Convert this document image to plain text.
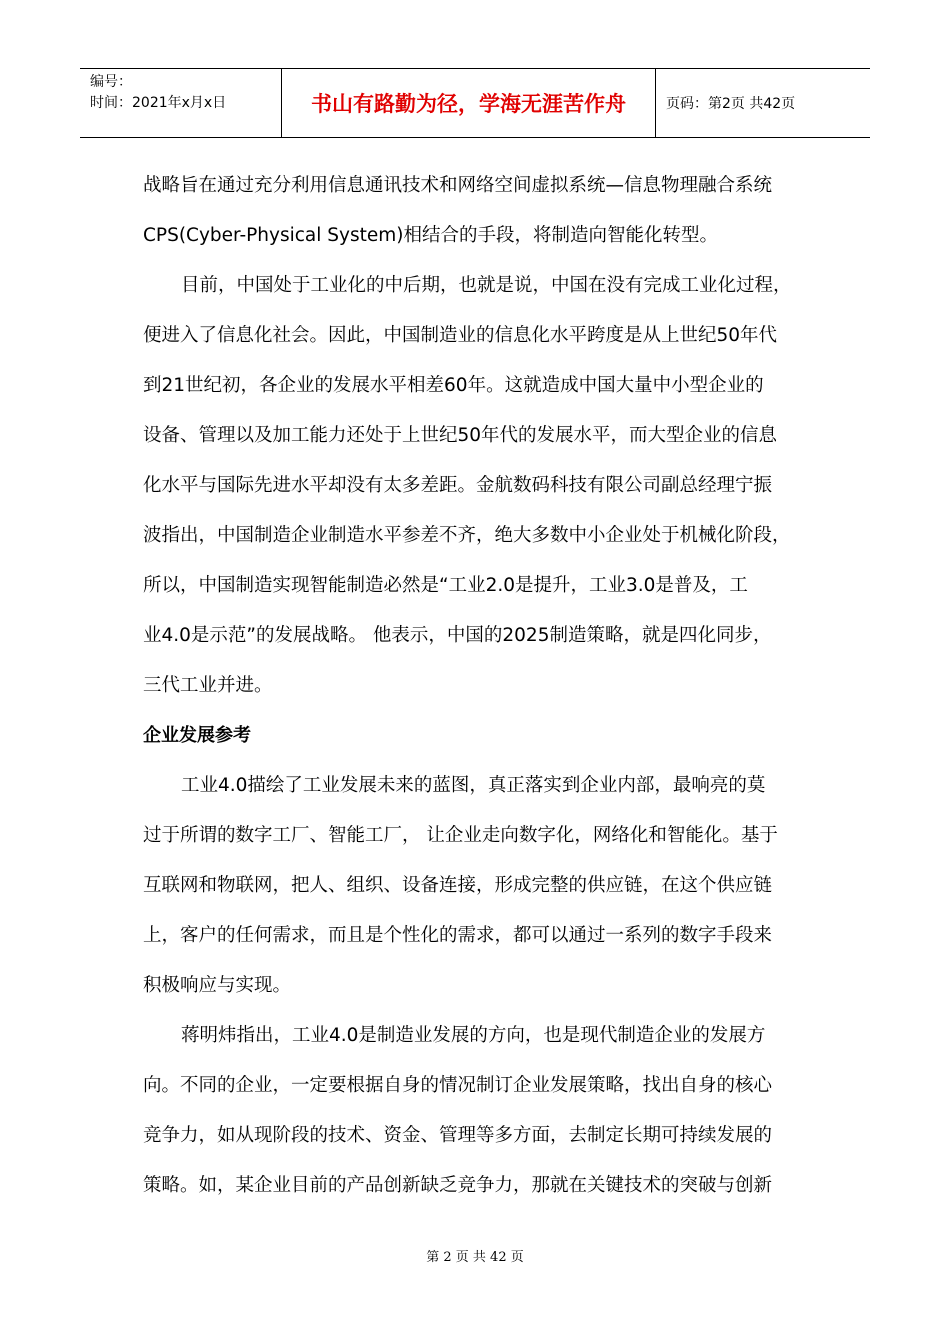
编号：
时间：2021年x月x日	书山有路勤为径，学海无涯苦作舟	页码：第2页 共42页
战略旨在通过充分利用信息通讯技术和网络空间虚拟系统—信息物理融合系统
CPS(Cyber-Physical System)相结合的手段，将制造向智能化转型。
目前，中国处于工业化的中后期，也就是说，中国在没有完成工业化过程，
便进入了信息化社会。因此，中国制造业的信息化水平跨度是从上世纪50年代
到21世纪初，各企业的发展水平相差60年。这就造成中国大量中小型企业的
设备、管理以及加工能力还处于上世纪50年代的发展水平，而大型企业的信息
化水平与国际先进水平却没有太多差距。金航数码科技有限公司副总经理宁振
波指出，中国制造企业制造水平参差不齐，绝大多数中小企业处于机械化阶段，
所以，中国制造实现智能制造必然是“工业2.0是提升，工业3.0是普及，工
业4.0是示范”的发展战略。 他表示，中国的2025制造策略，就是四化同步，
三代工业并进。
企业发展参考
工业4.0描绘了工业发展未来的蓝图，真正落实到企业内部，最响亮的莫
过于所谓的数字工厂、智能工厂， 让企业走向数字化，网络化和智能化。基于
互联网和物联网，把人、组织、设备连接，形成完整的供应链，在这个供应链
上，客户的任何需求，而且是个性化的需求，都可以通过一系列的数字手段来
积极响应与实现。
蒋明炜指出，工业4.0是制造业发展的方向，也是现代制造企业的发展方
向。不同的企业，一定要根据自身的情况制订企业发展策略，找出自身的核心
竞争力，如从现阶段的技术、资金、管理等多方面，去制定长期可持续发展的
策略。如，某企业目前的产品创新缺乏竞争力，那就在关键技术的突破与创新
第 2 页 共 42 页
